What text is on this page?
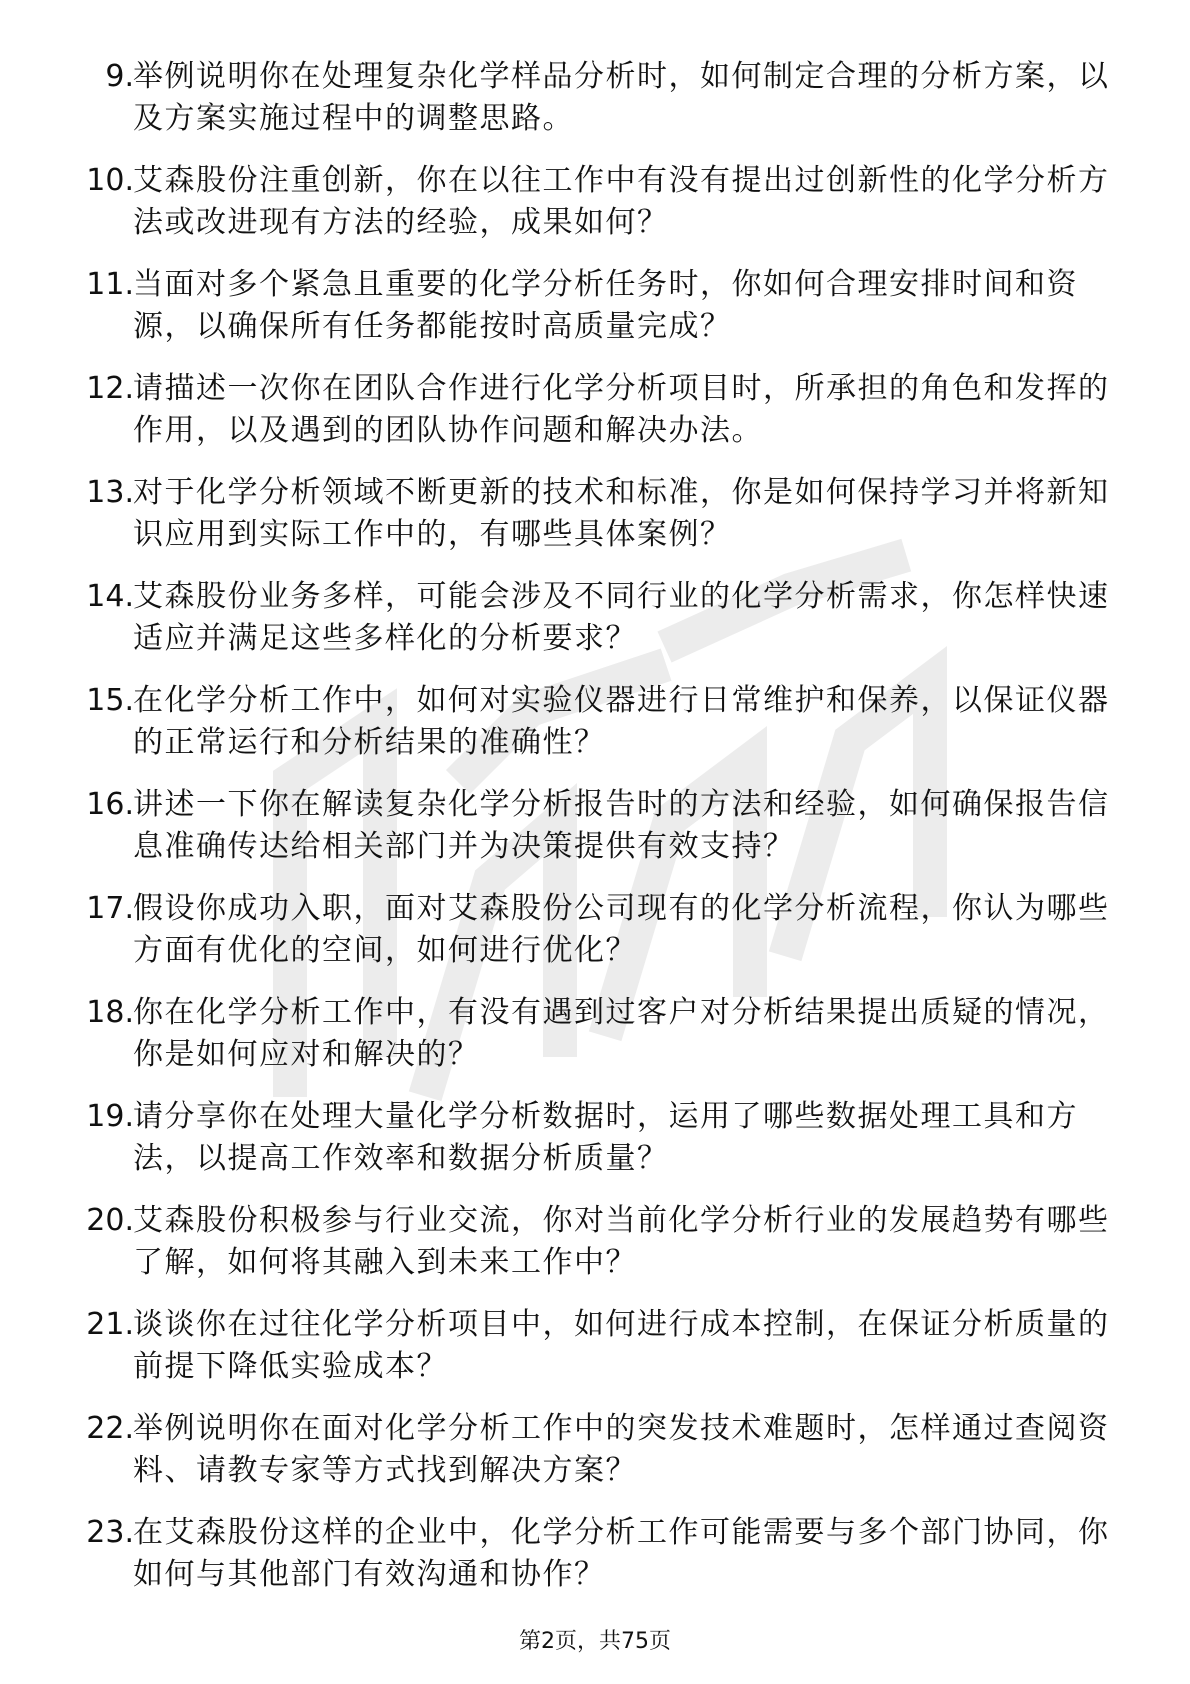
9. 举例说明你在处理复杂化学样品分析时，如何制定合理的分析方案，以及方案实施过程中的调整思路。
10. 艾森股份注重创新，你在以往工作中有没有提出过创新性的化学分析方法或改进现有方法的经验，成果如何？
11. 当面对多个紧急且重要的化学分析任务时，你如何合理安排时间和资源，以确保所有任务都能按时高质量完成？
12. 请描述一次你在团队合作进行化学分析项目时，所承担的角色和发挥的作用，以及遇到的团队协作问题和解决办法。
13. 对于化学分析领域不断更新的技术和标准，你是如何保持学习并将新知识应用到实际工作中的，有哪些具体案例？
14. 艾森股份业务多样，可能会涉及不同行业的化学分析需求，你怎样快速适应并满足这些多样化的分析要求？
15. 在化学分析工作中，如何对实验仪器进行日常维护和保养，以保证仪器的正常运行和分析结果的准确性？
16. 讲述一下你在解读复杂化学分析报告时的方法和经验，如何确保报告信息准确传达给相关部门并为决策提供有效支持？
17. 假设你成功入职，面对艾森股份公司现有的化学分析流程，你认为哪些方面有优化的空间，如何进行优化？
18. 你在化学分析工作中，有没有遇到过客户对分析结果提出质疑的情况，你是如何应对和解决的？
19. 请分享你在处理大量化学分析数据时，运用了哪些数据处理工具和方法，以提高工作效率和数据分析质量？
20. 艾森股份积极参与行业交流，你对当前化学分析行业的发展趋势有哪些了解，如何将其融入到未来工作中？
21. 谈谈你在过往化学分析项目中，如何进行成本控制，在保证分析质量的前提下降低实验成本？
22. 举例说明你在面对化学分析工作中的突发技术难题时，怎样通过查阅资料、请教专家等方式找到解决方案？
23. 在艾森股份这样的企业中，化学分析工作可能需要与多个部门协同，你如何与其他部门有效沟通和协作？
第2页，共75页
